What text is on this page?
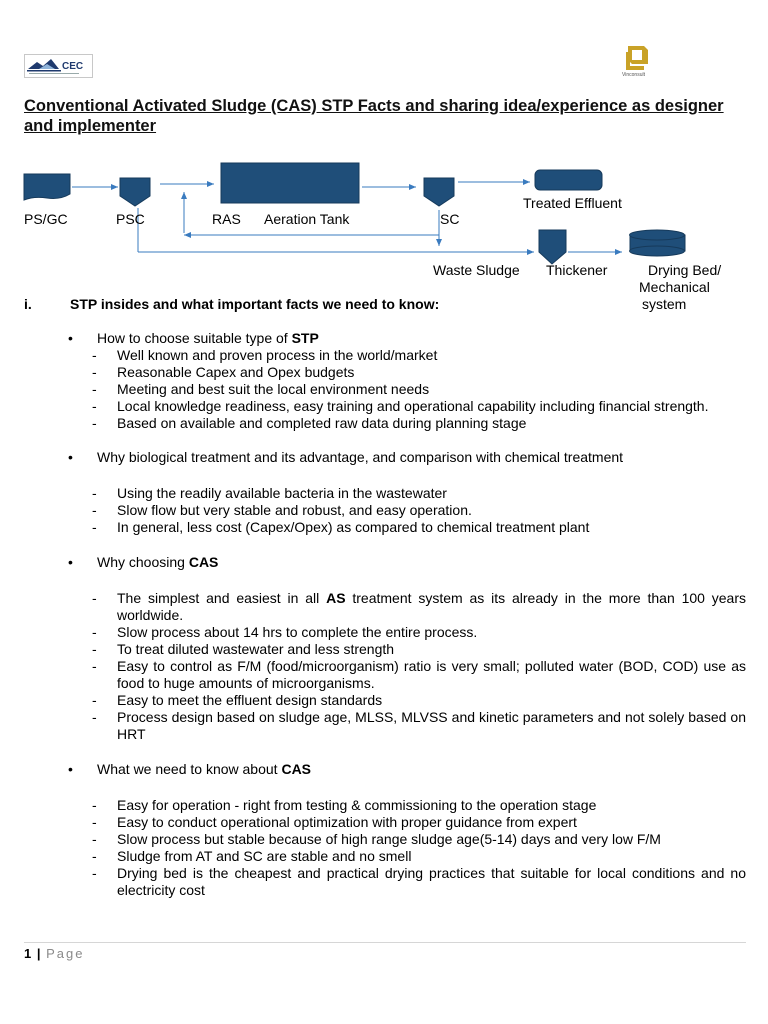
CEC
Vinconsult
Conventional Activated Sludge (CAS) STP Facts and sharing idea/experience as designer and implementer
PS/GC	PSC	RAS Aeration Tank	SC
Treated Effluent
Waste Sludge Thickener	Drying Bed/
Mechanical
system
i.	STP insides and what important facts we need to know:
• How to choose suitable type of STP
- Well known and proven process in the world/market
- Reasonable Capex and Opex budgets
- Meeting and best suit the local environment needs
- Local knowledge readiness, easy training and operational capability including financial strength.
- Based on available and completed raw data during planning stage
• Why biological treatment and its advantage, and comparison with chemical treatment
- Using the readily available bacteria in the wastewater
- Slow flow but very stable and robust, and easy operation.
- In general, less cost (Capex/Opex) as compared to chemical treatment plant
• Why choosing CAS
- The simplest and easiest in all AS treatment system as its already in the more than 100 years worldwide.
- Slow process about 14 hrs to complete the entire process.
- To treat diluted wastewater and less strength
- Easy to control as F/M (food/microorganism) ratio is very small; polluted water (BOD, COD) use as food to huge amounts of microorganisms.
- Easy to meet the effluent design standards
- Process design based on sludge age, MLSS, MLVSS and kinetic parameters and not solely based on HRT
• What we need to know about CAS
- Easy for operation - right from testing & commissioning to the operation stage
- Easy to conduct operational optimization with proper guidance from expert
- Slow process but stable because of high range sludge age(5-14) days and very low F/M
- Sludge from AT and SC are stable and no smell
- Drying bed is the cheapest and practical drying practices that suitable for local conditions and no electricity cost
1 | Page
